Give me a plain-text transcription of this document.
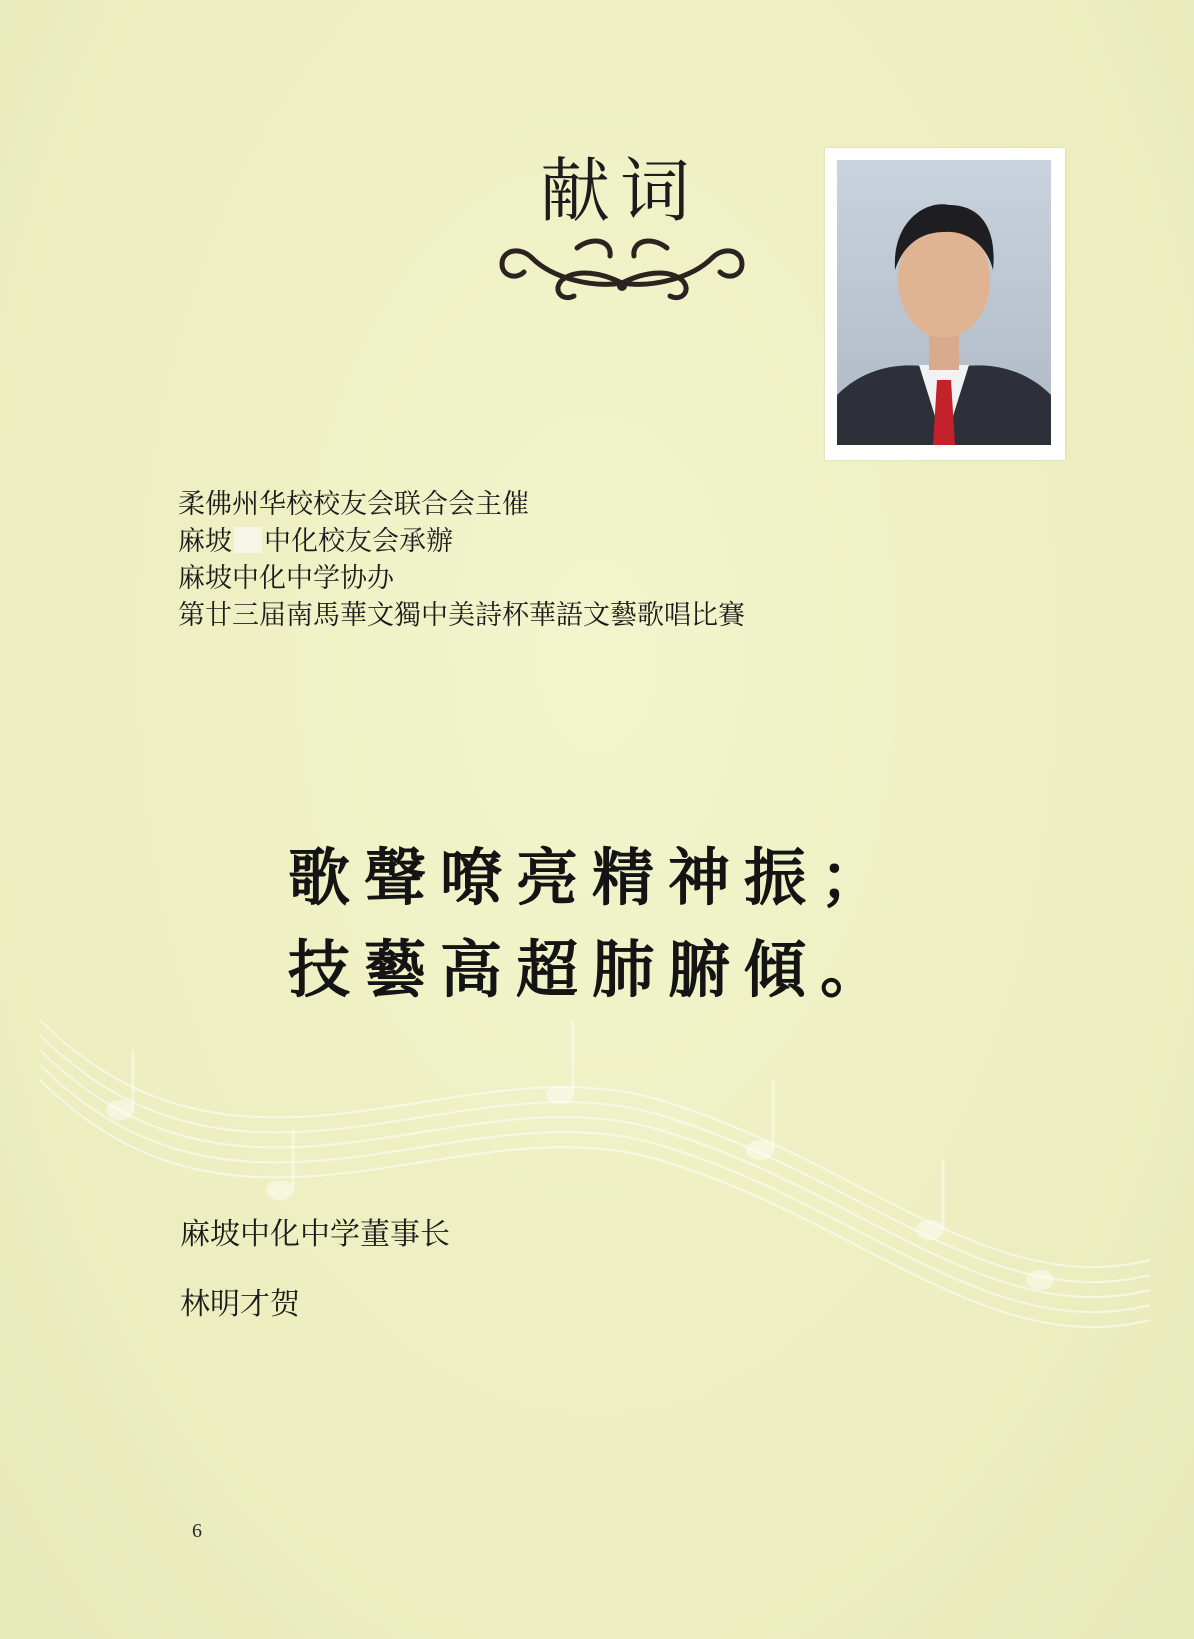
献词
柔佛州华校校友会联合会主催
麻坡 中化校友会承辦
麻坡中化中学协办
第廿三届南馬華文獨中美詩杯華語文藝歌唱比賽
歌聲嘹亮精神振；
技藝高超肺腑傾。
麻坡中化中学董事长
林明才贺
6
